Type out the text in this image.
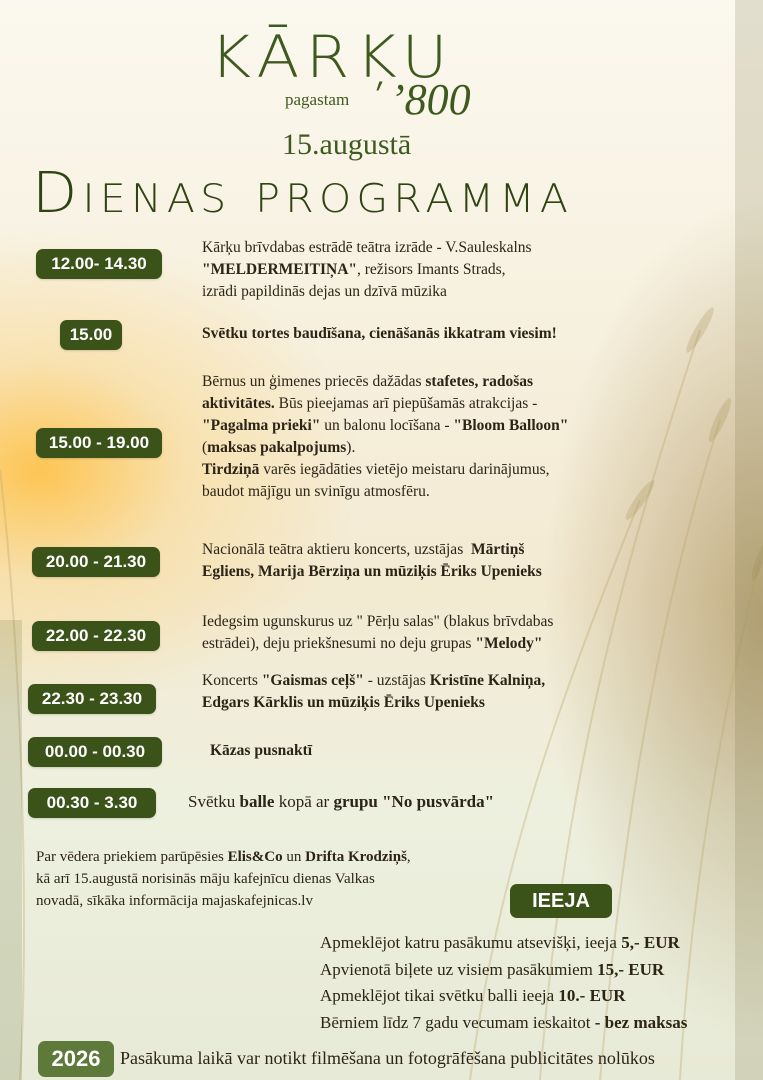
KĀRĶU
pagastam ’800
15.augustā
Dienas programma
12.00- 14.30
Kārķu brīvdabas estrādē teātra izrāde - V.Sauleskalns
"MELDERMEITIŅA", režisors Imants Strads,
izrādi papildinās dejas un dzīvā mūzika
15.00	Svētku tortes baudīšana, cienāšanās ikkatram viesim!
15.00 - 19.00
Bērnus un ģimenes priecēs dažādas stafetes, radošas
aktivitātes. Būs pieejamas arī piepūšamās atrakcijas -
"Pagalma prieki" un balonu locīšana - "Bloom Balloon"
(maksas pakalpojums).
Tirdziņā varēs iegādāties vietējo meistaru darinājumus,
baudot mājīgu un svinīgu atmosfēru.
20.00 - 21.30
Nacionālā teātra aktieru koncerts, uzstājas  Mārtiņš
Egliens, Marija Bērziņa un mūziķis Ēriks Upenieks
22.00 - 22.30
Iedegsim ugunskurus uz " Pērļu salas" (blakus brīvdabas
estrādei), deju priekšnesumi no deju grupas "Melody"
22.30 - 23.30
Koncerts "Gaismas ceļš" - uzstājas Kristīne Kalniņa,
Edgars Kārklis un mūziķis Ēriks Upenieks
00.00 - 00.30	Kāzas pusnaktī
00.30 - 3.30	Svētku balle kopā ar grupu "No pusvārda"
Par vēdera priekiem parūpēsies Elis&Co un Drifta Krodziņš,
kā arī 15.augustā norisinās māju kafejnīcu dienas Valkas
novadā, sīkāka informācija majaskafejnicas.lv	IEEJA
Apmeklējot katru pasākumu atsevišķi, ieeja 5,- EUR
Apvienotā biļete uz visiem pasākumiem 15,- EUR
Apmeklējot tikai svētku balli ieeja 10.- EUR
Bērniem līdz 7 gadu vecumam ieskaitot - bez maksas
2026	Pasākuma laikā var notikt filmēšana un fotogrāfēšana publicitātes nolūkos
